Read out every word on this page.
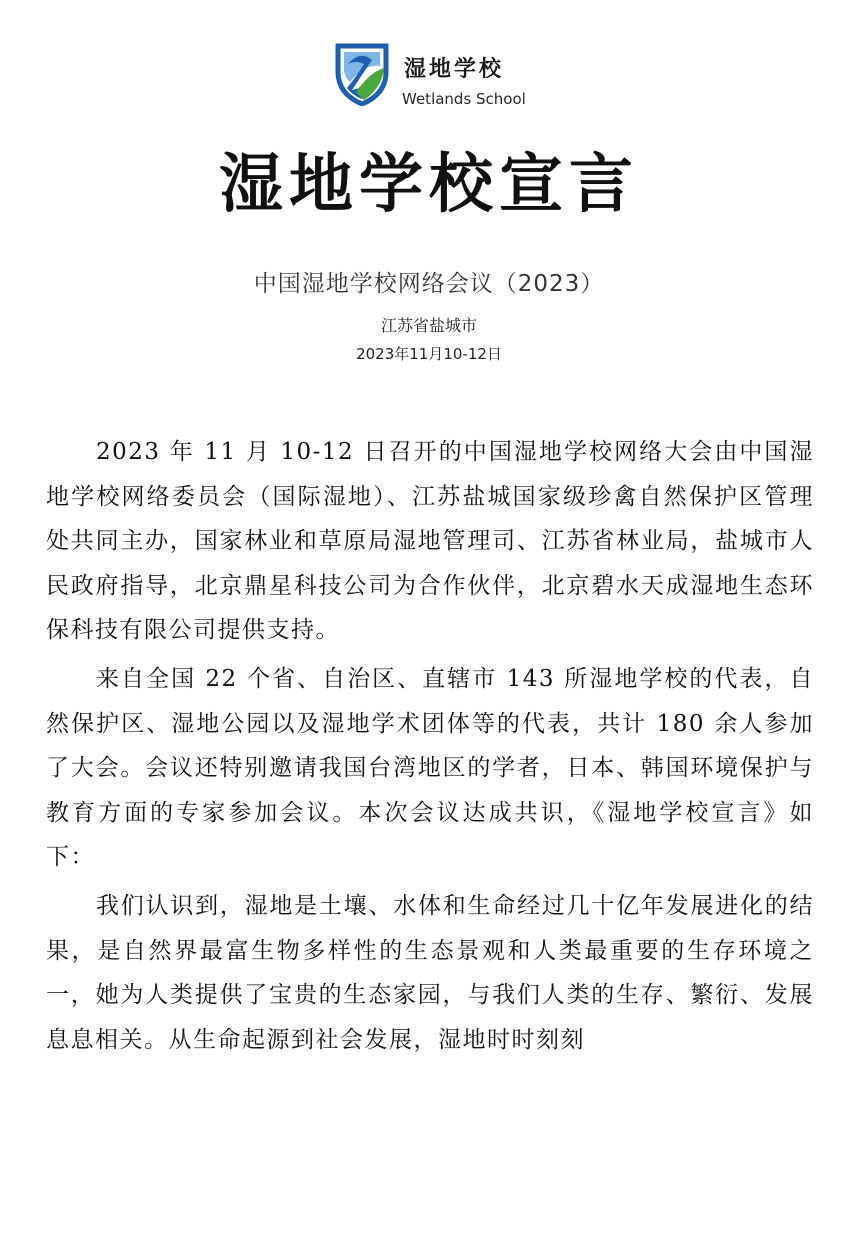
湿地学校
Wetlands School
湿地学校宣言
中国湿地学校网络会议（2023）
江苏省盐城市
2023年11月10-12日

2023 年 11 月 10-12 日召开的中国湿地学校网络大会由中国湿地学校网络委员会（国际湿地）、江苏盐城国家级珍禽自然保护区管理处共同主办，国家林业和草原局湿地管理司、江苏省林业局，盐城市人民政府指导，北京鼎星科技公司为合作伙伴，北京碧水天成湿地生态环保科技有限公司提供支持。

来自全国 22 个省、自治区、直辖市 143 所湿地学校的代表，自然保护区、湿地公园以及湿地学术团体等的代表，共计 180 余人参加了大会。会议还特别邀请我国台湾地区的学者，日本、韩国环境保护与教育方面的专家参加会议。本次会议达成共识，《湿地学校宣言》如下：

我们认识到，湿地是土壤、水体和生命经过几十亿年发展进化的结果，是自然界最富生物多样性的生态景观和人类最重要的生存环境之一，她为人类提供了宝贵的生态家园，与我们人类的生存、繁衍、发展息息相关。从生命起源到社会发展，湿地时时刻刻
